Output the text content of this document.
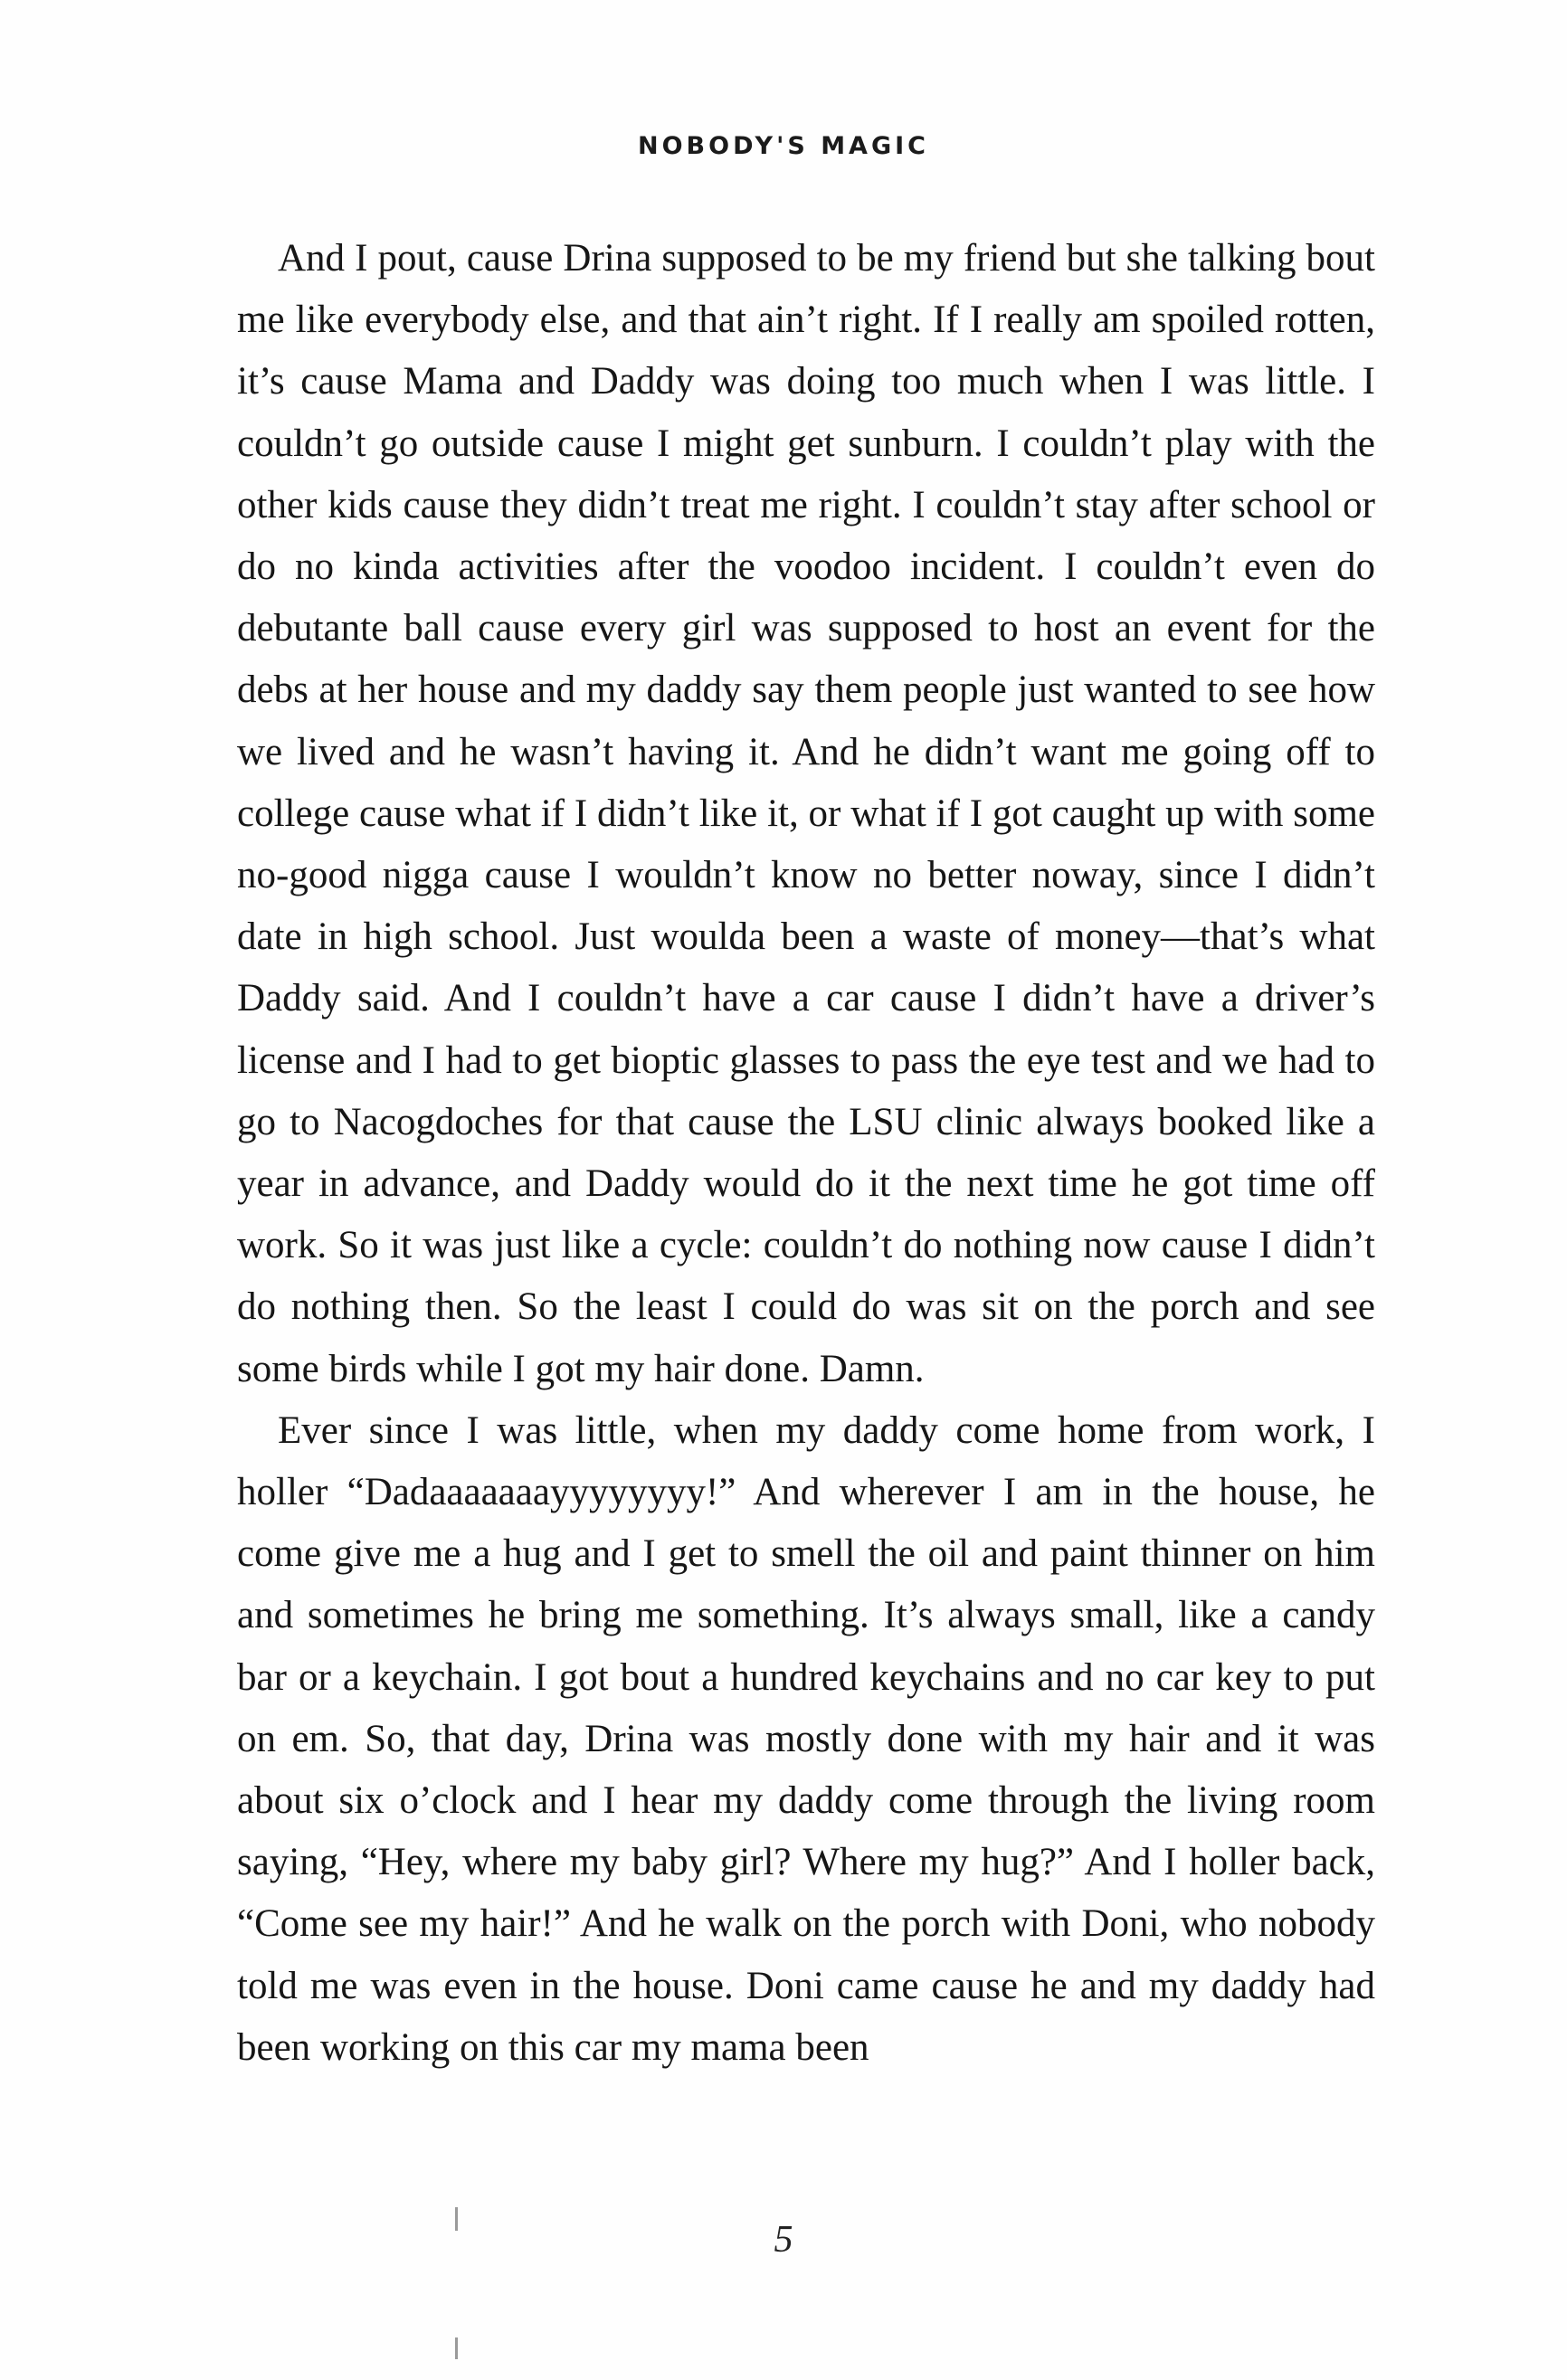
NOBODY'S MAGIC

And I pout, cause Drina supposed to be my friend but she talking bout me like everybody else, and that ain’t right. If I really am spoiled rotten, it’s cause Mama and Daddy was doing too much when I was little. I couldn’t go outside cause I might get sunburn. I couldn’t play with the other kids cause they didn’t treat me right. I couldn’t stay after school or do no kinda activities after the voodoo incident. I couldn’t even do debutante ball cause every girl was supposed to host an event for the debs at her house and my daddy say them people just wanted to see how we lived and he wasn’t having it. And he didn’t want me going off to college cause what if I didn’t like it, or what if I got caught up with some no-good nigga cause I wouldn’t know no better noway, since I didn’t date in high school. Just woulda been a waste of money—that’s what Daddy said. And I couldn’t have a car cause I didn’t have a driver’s license and I had to get bioptic glasses to pass the eye test and we had to go to Nacogdoches for that cause the LSU clinic always booked like a year in advance, and Daddy would do it the next time he got time off work. So it was just like a cycle: couldn’t do nothing now cause I didn’t do nothing then. So the least I could do was sit on the porch and see some birds while I got my hair done. Damn.

Ever since I was little, when my daddy come home from work, I holler “Dadaaaaaaayyyyyyyy!” And wherever I am in the house, he come give me a hug and I get to smell the oil and paint thinner on him and sometimes he bring me something. It’s always small, like a candy bar or a keychain. I got bout a hundred keychains and no car key to put on em. So, that day, Drina was mostly done with my hair and it was about six o’clock and I hear my daddy come through the living room saying, “Hey, where my baby girl? Where my hug?” And I holler back, “Come see my hair!” And he walk on the porch with Doni, who nobody told me was even in the house. Doni came cause he and my daddy had been working on this car my mama been

5
